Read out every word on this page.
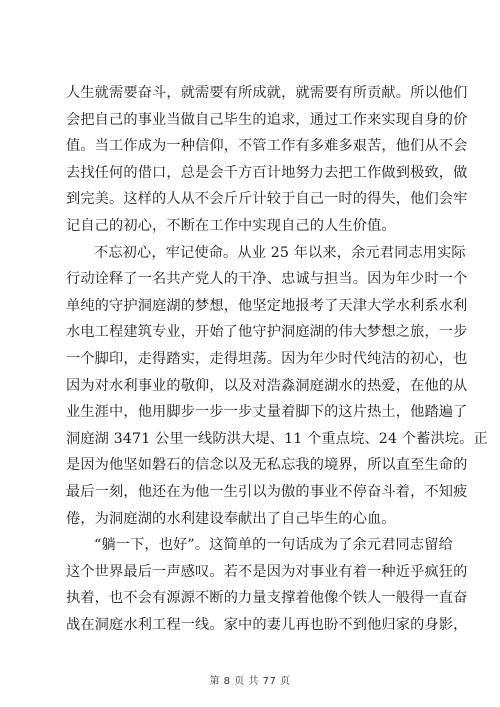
人生就需要奋斗，就需要有所成就，就需要有所贡献。所以他们
会把自己的事业当做自己毕生的追求，通过工作来实现自身的价
值。当工作成为一种信仰，不管工作有多难多艰苦，他们从不会
去找任何的借口，总是会千方百计地努力去把工作做到极致，做
到完美。这样的人从不会斤斤计较于自己一时的得失，他们会牢
记自己的初心，不断在工作中实现自己的人生价值。
不忘初心，牢记使命。从业 25 年以来，余元君同志用实际
行动诠释了一名共产党人的干净、忠诚与担当。因为年少时一个
单纯的守护洞庭湖的梦想，他坚定地报考了天津大学水利系水利
水电工程建筑专业，开始了他守护洞庭湖的伟大梦想之旅，一步
一个脚印，走得踏实，走得坦荡。因为年少时代纯洁的初心，也
因为对水利事业的敬仰，以及对浩淼洞庭湖水的热爱，在他的从
业生涯中，他用脚步一步一步丈量着脚下的这片热土，他踏遍了
洞庭湖 3471 公里一线防洪大堤、11 个重点垸、24 个蓄洪垸。正
是因为他坚如磐石的信念以及无私忘我的境界，所以直至生命的
最后一刻，他还在为他一生引以为傲的事业不停奋斗着，不知疲
倦，为洞庭湖的水利建设奉献出了自己毕生的心血。
“躺一下，也好”。这简单的一句话成为了余元君同志留给
这个世界最后一声感叹。若不是因为对事业有着一种近乎疯狂的
执着，也不会有源源不断的力量支撑着他像个铁人一般得一直奋
战在洞庭水利工程一线。家中的妻儿再也盼不到他归家的身影，
第 8 页 共 77 页
